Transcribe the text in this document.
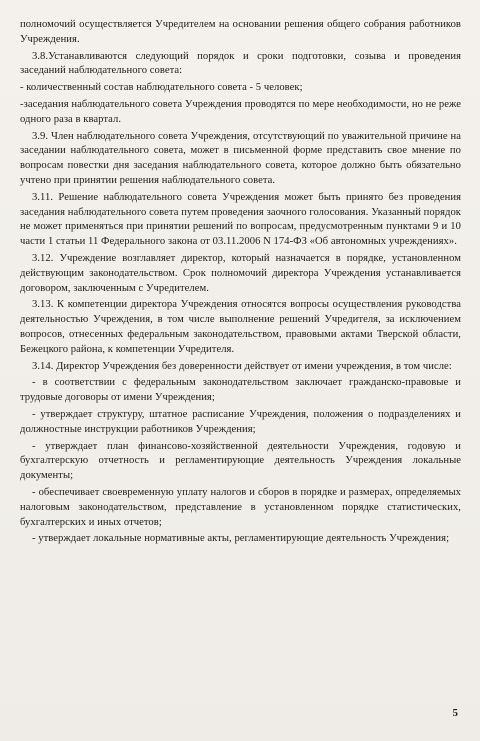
полномочий осуществляется Учредителем на основании решения общего собрания работников Учреждения.

3.8.Устанавливаются следующий порядок и сроки подготовки, созыва и проведения заседаний наблюдательного совета:

- количественный состав наблюдательного совета - 5 человек;

-заседания наблюдательного совета Учреждения проводятся по мере необходимости, но не реже одного раза в квартал.

3.9. Член наблюдательного совета Учреждения, отсутствующий по уважительной причине на заседании наблюдательного совета, может в письменной форме представить свое мнение по вопросам повестки дня заседания наблюдательного совета, которое должно быть обязательно учтено при принятии решения наблюдательного совета.

3.11. Решение наблюдательного совета Учреждения может быть принято без проведения заседания наблюдательного совета путем проведения заочного голосования. Указанный порядок не может применяться при принятии решений по вопросам, предусмотренным пунктами 9 и 10 части 1 статьи 11 Федерального закона от 03.11.2006 N 174-ФЗ «Об автономных учреждениях».

3.12. Учреждение возглавляет директор, который назначается в порядке, установленном действующим законодательством. Срок полномочий директора Учреждения устанавливается договором, заключенным с Учредителем.

3.13. К компетенции директора Учреждения относятся вопросы осуществления руководства деятельностью Учреждения, в том числе выполнение решений Учредителя, за исключением вопросов, отнесенных федеральным законодательством, правовыми актами Тверской области, Бежецкого района, к компетенции Учредителя.

3.14. Директор Учреждения без доверенности действует от имени учреждения, в том числе:

- в соответствии с федеральным законодательством заключает гражданско-правовые и трудовые договоры от имени Учреждения;

- утверждает структуру, штатное расписание Учреждения, положения о подразделениях и должностные инструкции работников Учреждения;

- утверждает план финансово-хозяйственной деятельности Учреждения, годовую и бухгалтерскую отчетность и регламентирующие деятельность Учреждения локальные документы;

- обеспечивает своевременную уплату налогов и сборов в порядке и размерах, определяемых налоговым законодательством, представление в установленном порядке статистических, бухгалтерских и иных отчетов;

- утверждает локальные нормативные акты, регламентирующие деятельность Учреждения;

5
